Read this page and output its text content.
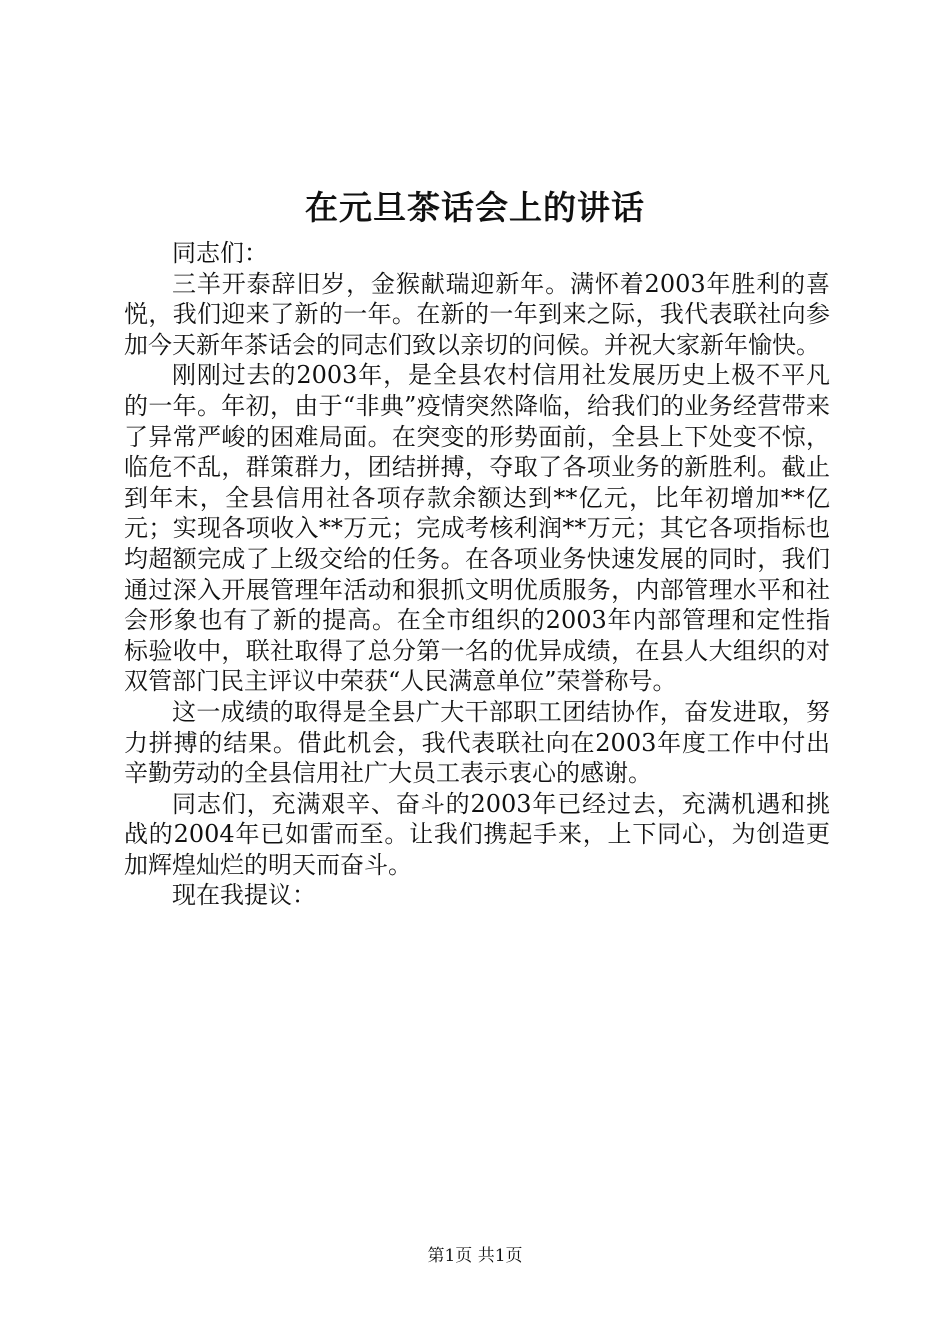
在元旦茶话会上的讲话

同志们：

三羊开泰辞旧岁，金猴献瑞迎新年。满怀着2003年胜利的喜悦，我们迎来了新的一年。在新的一年到来之际，我代表联社向参加今天新年茶话会的同志们致以亲切的问候。并祝大家新年愉快。

刚刚过去的2003年，是全县农村信用社发展历史上极不平凡的一年。年初，由于“非典”疫情突然降临，给我们的业务经营带来了异常严峻的困难局面。在突变的形势面前，全县上下处变不惊，临危不乱，群策群力，团结拼搏，夺取了各项业务的新胜利。截止到年末，全县信用社各项存款余额达到**亿元，比年初增加**亿元；实现各项收入**万元；完成考核利润**万元；其它各项指标也均超额完成了上级交给的任务。在各项业务快速发展的同时，我们通过深入开展管理年活动和狠抓文明优质服务，内部管理水平和社会形象也有了新的提高。在全市组织的2003年内部管理和定性指标验收中，联社取得了总分第一名的优异成绩，在县人大组织的对双管部门民主评议中荣获“人民满意单位”荣誉称号。

这一成绩的取得是全县广大干部职工团结协作，奋发进取，努力拼搏的结果。借此机会，我代表联社向在2003年度工作中付出辛勤劳动的全县信用社广大员工表示衷心的感谢。

同志们，充满艰辛、奋斗的2003年已经过去，充满机遇和挑战的2004年已如雷而至。让我们携起手来，上下同心，为创造更加辉煌灿烂的明天而奋斗。

现在我提议：

第1页 共1页
